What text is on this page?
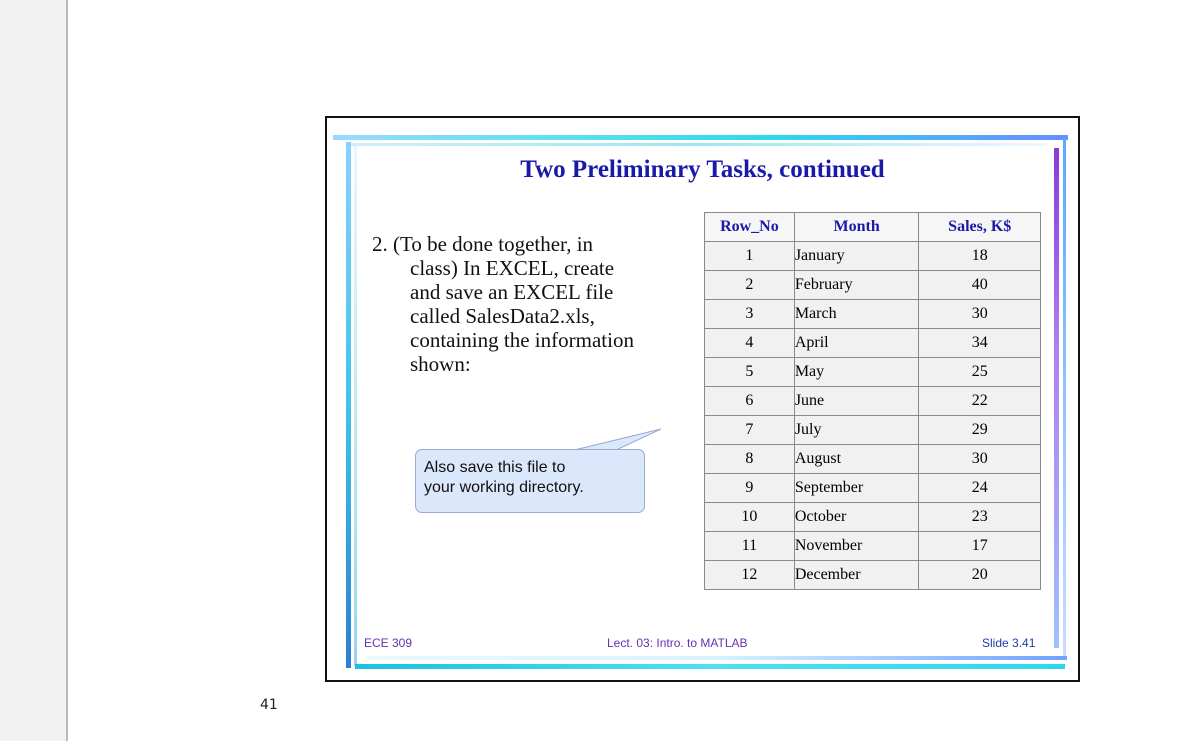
Two Preliminary Tasks, continued
2. (To be done together, in
class) In EXCEL, create
and save an EXCEL file
called SalesData2.xls,
containing the information
shown:
Also save this file to
your working directory.
Row_No	Month	Sales, K$
1	January	18
2	February	40
3	March	30
4	April	34
5	May	25
6	June	22
7	July	29
8	August	30
9	September	24
10	October	23
11	November	17
12	December	20
ECE 309	Lect. 03: Intro. to MATLAB	Slide 3.41
41
